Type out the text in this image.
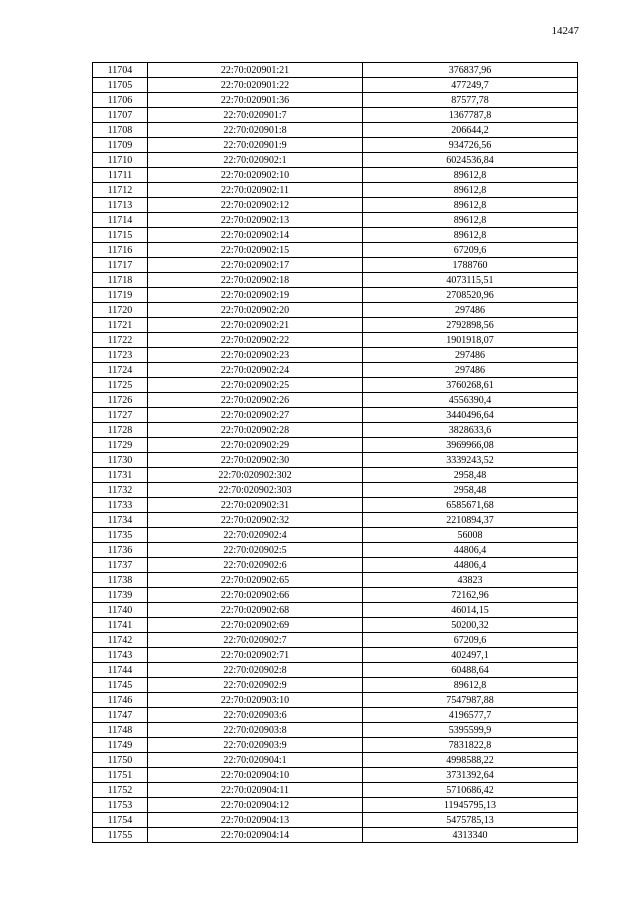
14247
11704	22:70:020901:21	376837,96
11705	22:70:020901:22	477249,7
11706	22:70:020901:36	87577,78
11707	22:70:020901:7	1367787,8
11708	22:70:020901:8	206644,2
11709	22:70:020901:9	934726,56
11710	22:70:020902:1	6024536,84
11711	22:70:020902:10	89612,8
11712	22:70:020902:11	89612,8
11713	22:70:020902:12	89612,8
11714	22:70:020902:13	89612,8
11715	22:70:020902:14	89612,8
11716	22:70:020902:15	67209,6
11717	22:70:020902:17	1788760
11718	22:70:020902:18	4073115,51
11719	22:70:020902:19	2708520,96
11720	22:70:020902:20	297486
11721	22:70:020902:21	2792898,56
11722	22:70:020902:22	1901918,07
11723	22:70:020902:23	297486
11724	22:70:020902:24	297486
11725	22:70:020902:25	3760268,61
11726	22:70:020902:26	4556390,4
11727	22:70:020902:27	3440496,64
11728	22:70:020902:28	3828633,6
11729	22:70:020902:29	3969966,08
11730	22:70:020902:30	3339243,52
11731	22:70:020902:302	2958,48
11732	22:70:020902:303	2958,48
11733	22:70:020902:31	6585671,68
11734	22:70:020902:32	2210894,37
11735	22:70:020902:4	56008
11736	22:70:020902:5	44806,4
11737	22:70:020902:6	44806,4
11738	22:70:020902:65	43823
11739	22:70:020902:66	72162,96
11740	22:70:020902:68	46014,15
11741	22:70:020902:69	50200,32
11742	22:70:020902:7	67209,6
11743	22:70:020902:71	402497,1
11744	22:70:020902:8	60488,64
11745	22:70:020902:9	89612,8
11746	22:70:020903:10	7547987,88
11747	22:70:020903:6	4196577,7
11748	22:70:020903:8	5395599,9
11749	22:70:020903:9	7831822,8
11750	22:70:020904:1	4998588,22
11751	22:70:020904:10	3731392,64
11752	22:70:020904:11	5710686,42
11753	22:70:020904:12	11945795,13
11754	22:70:020904:13	5475785,13
11755	22:70:020904:14	4313340
